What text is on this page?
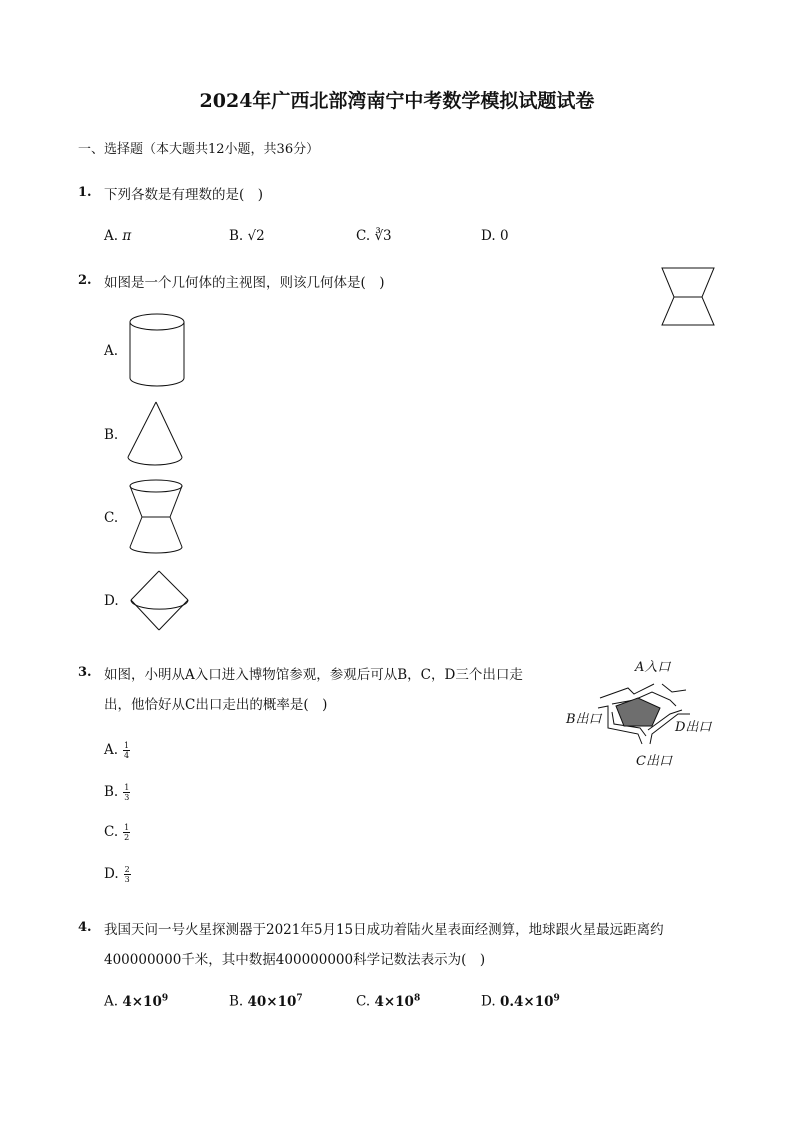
2024年广西北部湾南宁中考数学模拟试题试卷
一、选择题（本大题共12小题，共36分）
1. 下列各数是有理数的是(　)
A. π	B. √2	C. ∛3	D. 0
2. 如图是一个几何体的主视图，则该几何体是(　)
A.
B.
C.
D.
3. 如图，小明从A入口进入博物馆参观，参观后可从B，C，D三个出口走
出，他恰好从C出口走出的概率是(　)
A入口
B出口
D出口
C出口
A. $\frac{1}{4}$
B. $\frac{1}{3}$
C. $\frac{1}{2}$
D. $\frac{2}{3}$
4. 我国天问一号火星探测器于2021年5月15日成功着陆火星表面经测算，地球跟火星最远距离约
400000000千米，其中数据400000000科学记数法表示为(　)
A. $4\times 10^9$	B. $40\times 10^7$	C. $4\times 10^8$	D. $0.4\times 10^9$
